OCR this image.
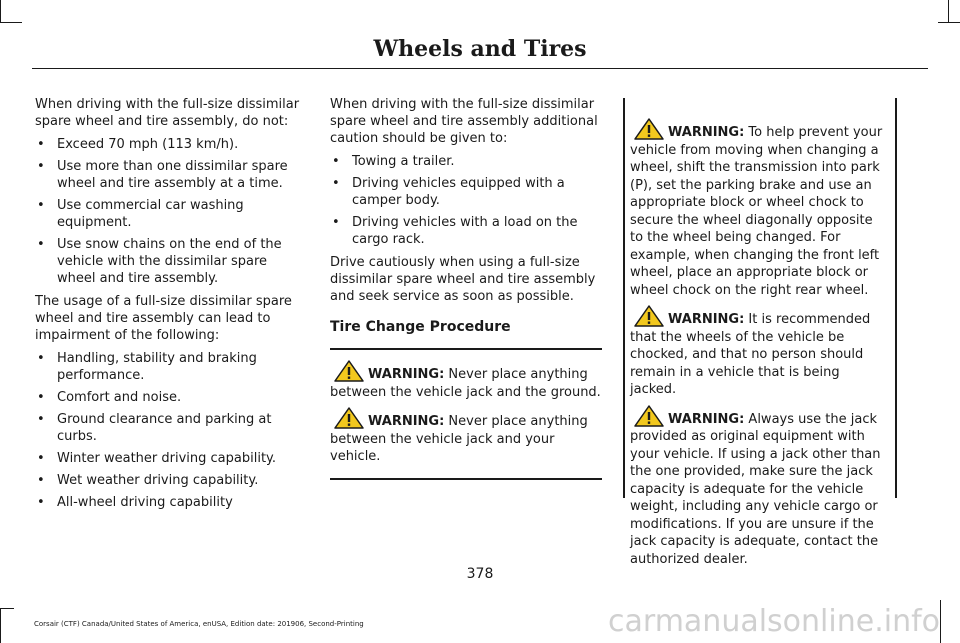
Wheels and Tires

When driving with the full-size dissimilar spare wheel and tire assembly, do not:

• Exceed 70 mph (113 km/h).
• Use more than one dissimilar spare wheel and tire assembly at a time.
• Use commercial car washing equipment.
• Use snow chains on the end of the vehicle with the dissimilar spare wheel and tire assembly.

The usage of a full-size dissimilar spare wheel and tire assembly can lead to impairment of the following:

• Handling, stability and braking performance.
• Comfort and noise.
• Ground clearance and parking at curbs.
• Winter weather driving capability.
• Wet weather driving capability.
• All-wheel driving capability

When driving with the full-size dissimilar spare wheel and tire assembly additional caution should be given to:

• Towing a trailer.
• Driving vehicles equipped with a camper body.
• Driving vehicles with a load on the cargo rack.

Drive cautiously when using a full-size dissimilar spare wheel and tire assembly and seek service as soon as possible.

Tire Change Procedure

WARNING: Never place anything between the vehicle jack and the ground.

WARNING: Never place anything between the vehicle jack and your vehicle.

WARNING: To help prevent your vehicle from moving when changing a wheel, shift the transmission into park (P), set the parking brake and use an appropriate block or wheel chock to secure the wheel diagonally opposite to the wheel being changed. For example, when changing the front left wheel, place an appropriate block or wheel chock on the right rear wheel.

WARNING: It is recommended that the wheels of the vehicle be chocked, and that no person should remain in a vehicle that is being jacked.

WARNING: Always use the jack provided as original equipment with your vehicle. If using a jack other than the one provided, make sure the jack capacity is adequate for the vehicle weight, including any vehicle cargo or modifications. If you are unsure if the jack capacity is adequate, contact the authorized dealer.

378
Corsair (CTF) Canada/United States of America, enUSA, Edition date: 201906, Second-Printing	carmanualsonline.info
